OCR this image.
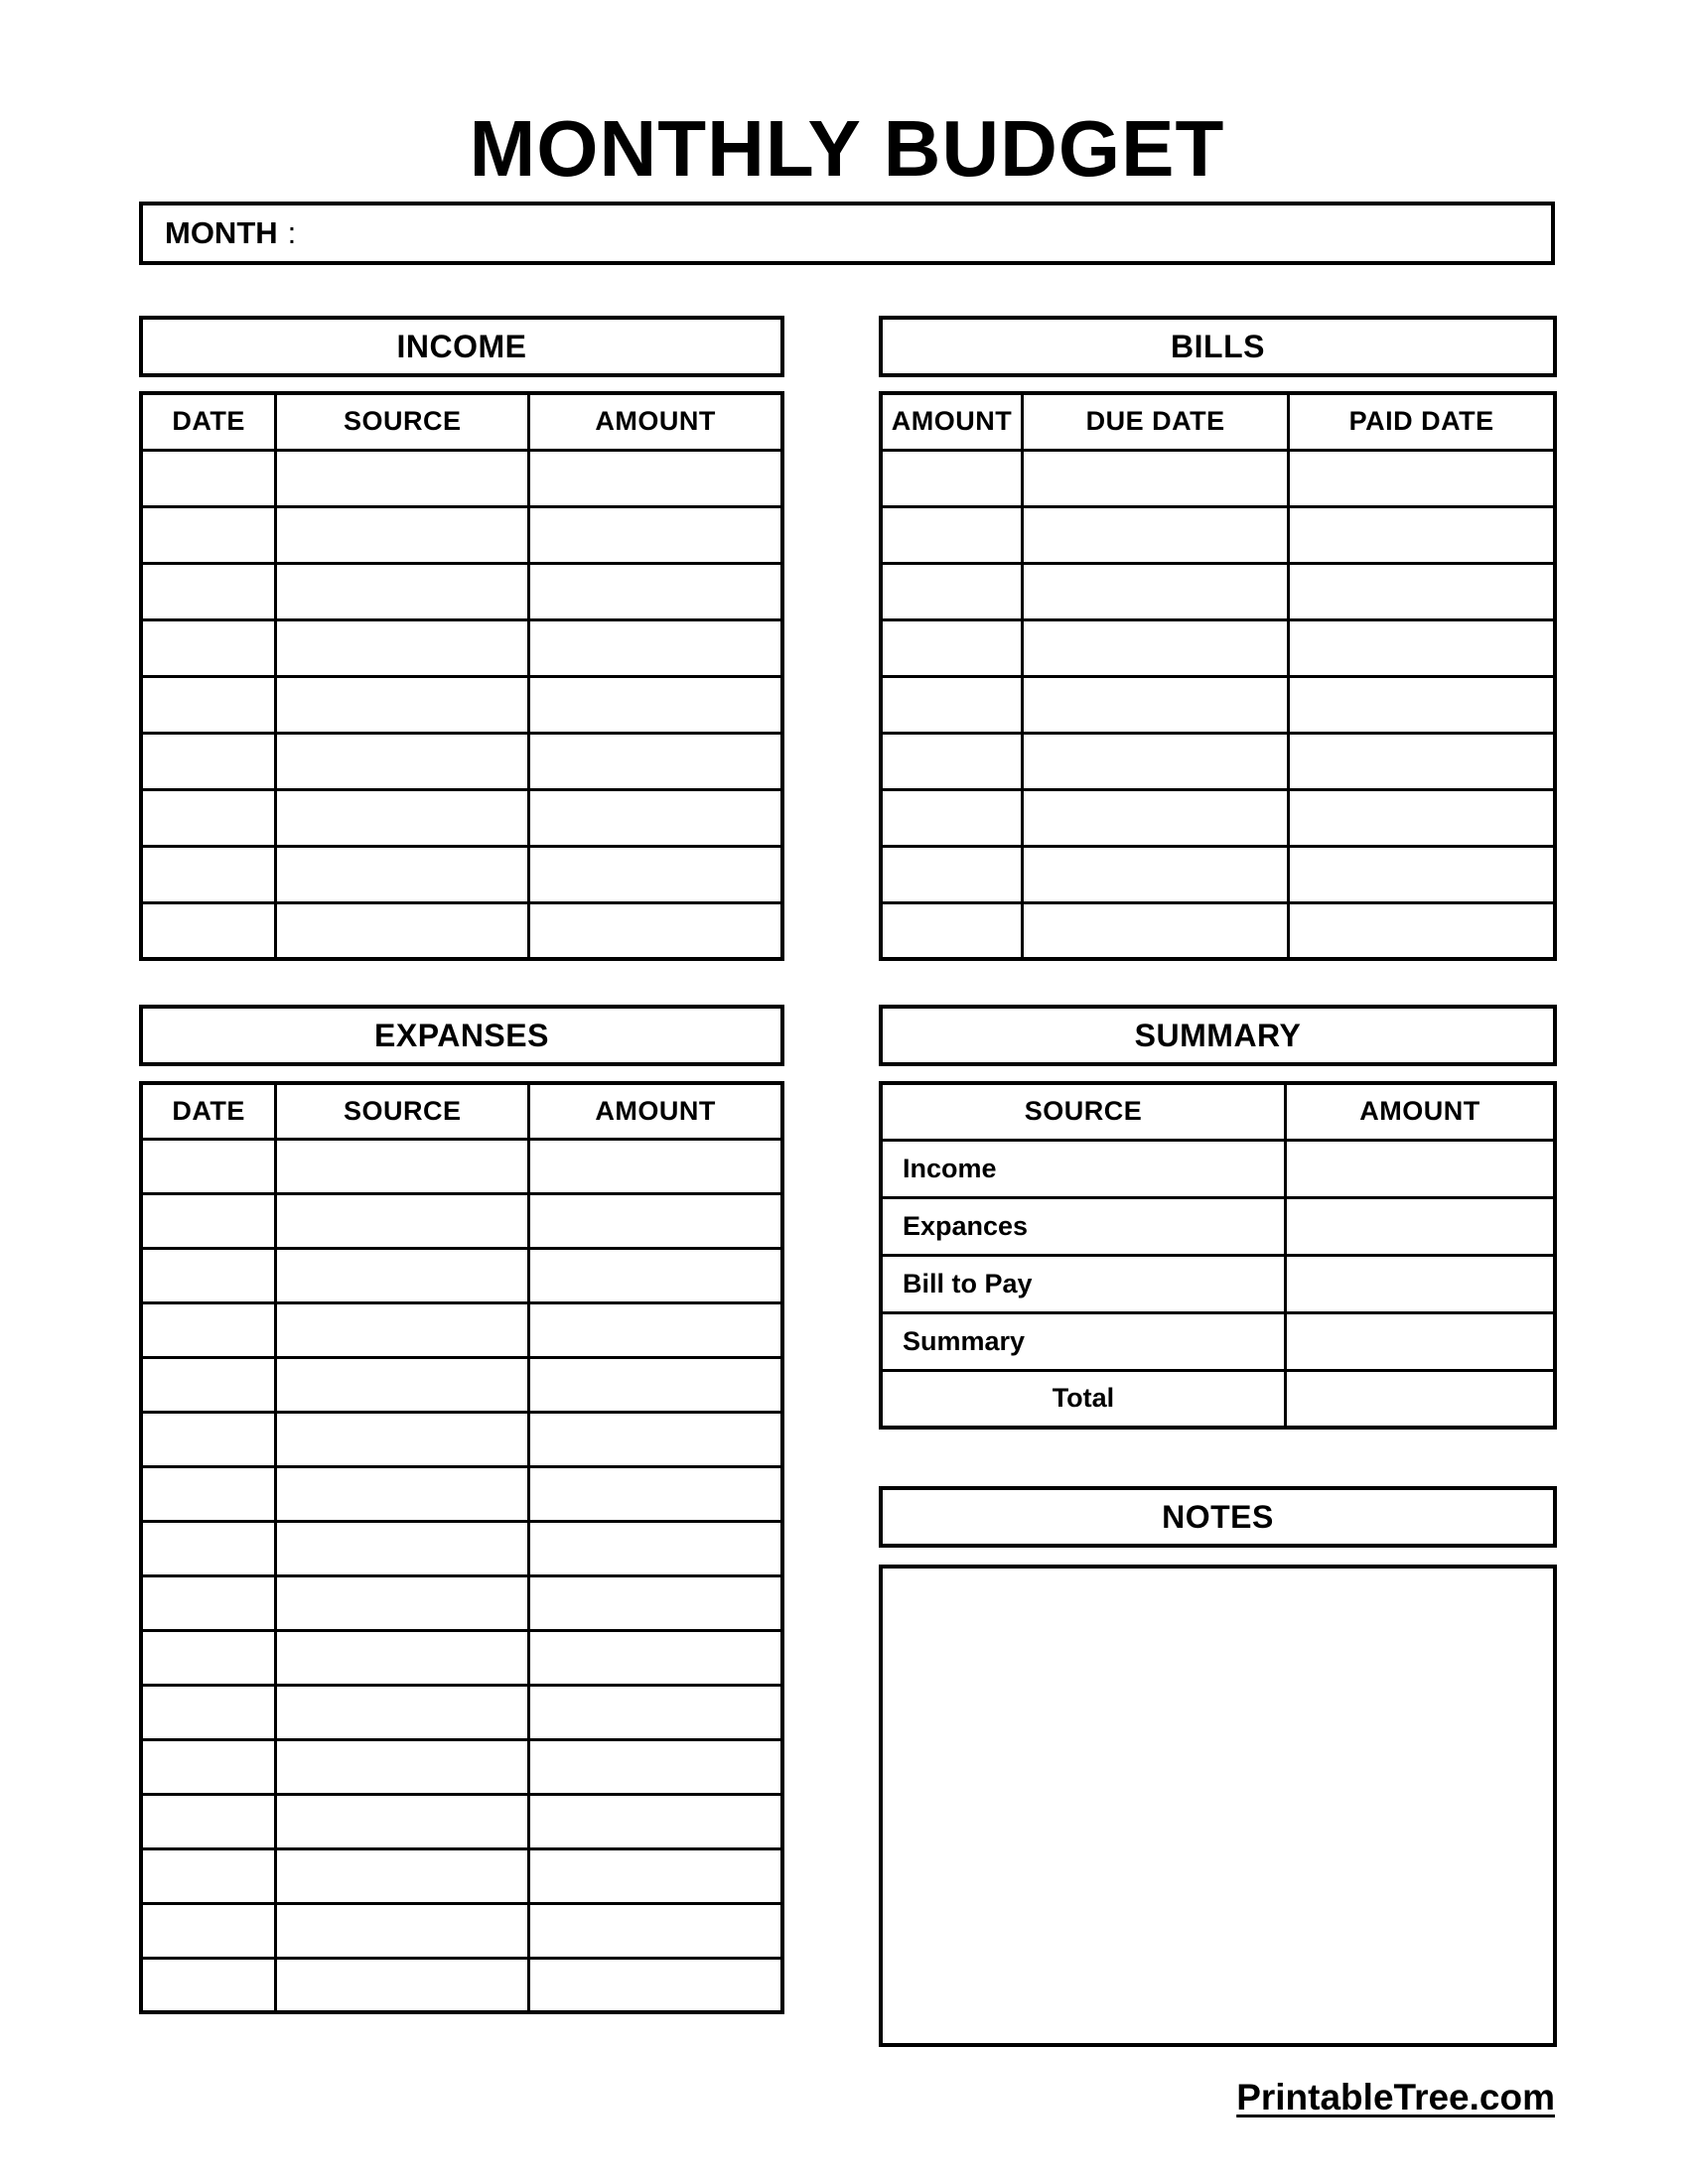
MONTHLY BUDGET
MONTH :
INCOME	BILLS
DATE	SOURCE	AMOUNT

			AMOUNT	DUE DATE	PAID DATE

EXPANSES	SUMMARY
DATE	SOURCE	AMOUNT

			SOURCE	AMOUNT
Income	
Expances	
Bill to Pay	
Summary	
Total	
NOTES
PrintableTree.com
